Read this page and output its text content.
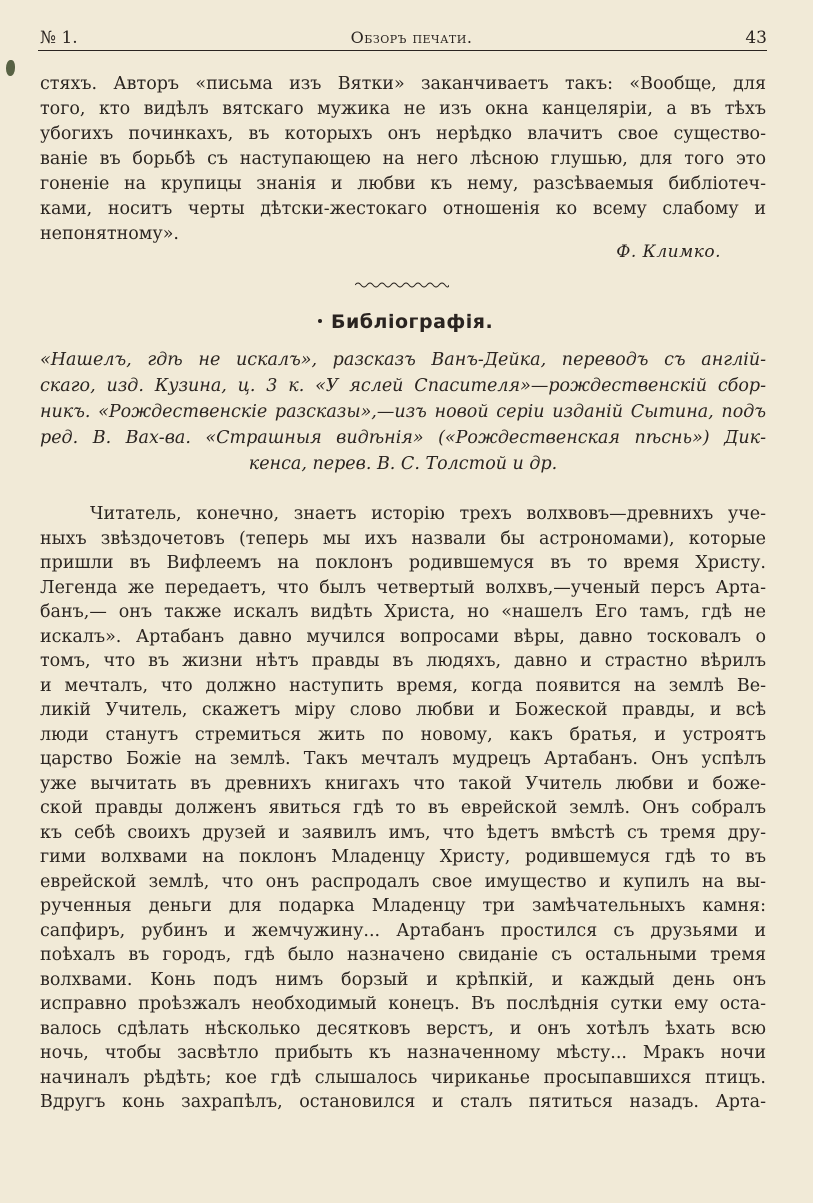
№ 1.	Обзоръ печати.	43
стяхъ. Авторъ «письма изъ Вятки» заканчиваетъ такъ: «Вообще, для
того, кто видѣлъ вятскаго мужика не изъ окна канцеляріи, а въ тѣхъ
убогихъ починкахъ, въ которыхъ онъ нерѣдко влачитъ свое существо-
ваніе въ борьбѣ съ наступающею на него лѣсною глушью, для того это
гоненіе на крупицы знанія и любви къ нему, разсѣваемыя библіотеч-
ками, носитъ черты дѣтски-жестокаго отношенія ко всему слабому и
непонятному».
Ф. Климко.
Библіографія.
«Нашелъ, гдѣ не искалъ», разсказъ Ванъ-Дейка, переводъ съ англій-
скаго, изд. Кузина, ц. 3 к. «У яслей Спасителя»—рождественскій сбор-
никъ. «Рождественскіе разсказы»,—изъ новой серіи изданій Сытина, подъ
ред. В. Вах-ва. «Страшныя видѣнія» («Рождественская пѣснь») Дик-
кенса, перев. В. С. Толстой и др.
Читатель, конечно, знаетъ исторію трехъ волхвовъ—древнихъ уче-
ныхъ звѣздочетовъ (теперь мы ихъ назвали бы астрономами), которые
пришли въ Вифлеемъ на поклонъ родившемуся въ то время Христу.
Легенда же передаетъ, что былъ четвертый волхвъ,—ученый персъ Арта-
банъ,— онъ также искалъ видѣть Христа, но «нашелъ Его тамъ, гдѣ не
искалъ». Артабанъ давно мучился вопросами вѣры, давно тосковалъ о
томъ, что въ жизни нѣтъ правды въ людяхъ, давно и страстно вѣрилъ
и мечталъ, что должно наступить время, когда появится на землѣ Ве-
ликій Учитель, скажетъ міру слово любви и Божеской правды, и всѣ
люди станутъ стремиться жить по новому, какъ братья, и устроятъ
царство Божіе на землѣ. Такъ мечталъ мудрецъ Артабанъ. Онъ успѣлъ
уже вычитать въ древнихъ книгахъ что такой Учитель любви и боже-
ской правды долженъ явиться гдѣ то въ еврейской землѣ. Онъ собралъ
къ себѣ своихъ друзей и заявилъ имъ, что ѣдетъ вмѣстѣ съ тремя дру-
гими волхвами на поклонъ Младенцу Христу, родившемуся гдѣ то въ
еврейской землѣ, что онъ распродалъ свое имущество и купилъ на вы-
рученныя деньги для подарка Младенцу три замѣчательныхъ камня:
сапфиръ, рубинъ и жемчужину... Артабанъ простился съ друзьями и
поѣхалъ въ городъ, гдѣ было назначено свиданіе съ остальными тремя
волхвами. Конь подъ нимъ борзый и крѣпкій, и каждый день онъ
исправно проѣзжалъ необходимый конецъ. Въ послѣднія сутки ему оста-
валось сдѣлать нѣсколько десятковъ верстъ, и онъ хотѣлъ ѣхать всю
ночь, чтобы засвѣтло прибыть къ назначенному мѣсту... Мракъ ночи
начиналъ рѣдѣть; кое гдѣ слышалось чириканье просыпавшихся птицъ.
Вдругъ конь захрапѣлъ, остановился и сталъ пятиться назадъ. Арта-
